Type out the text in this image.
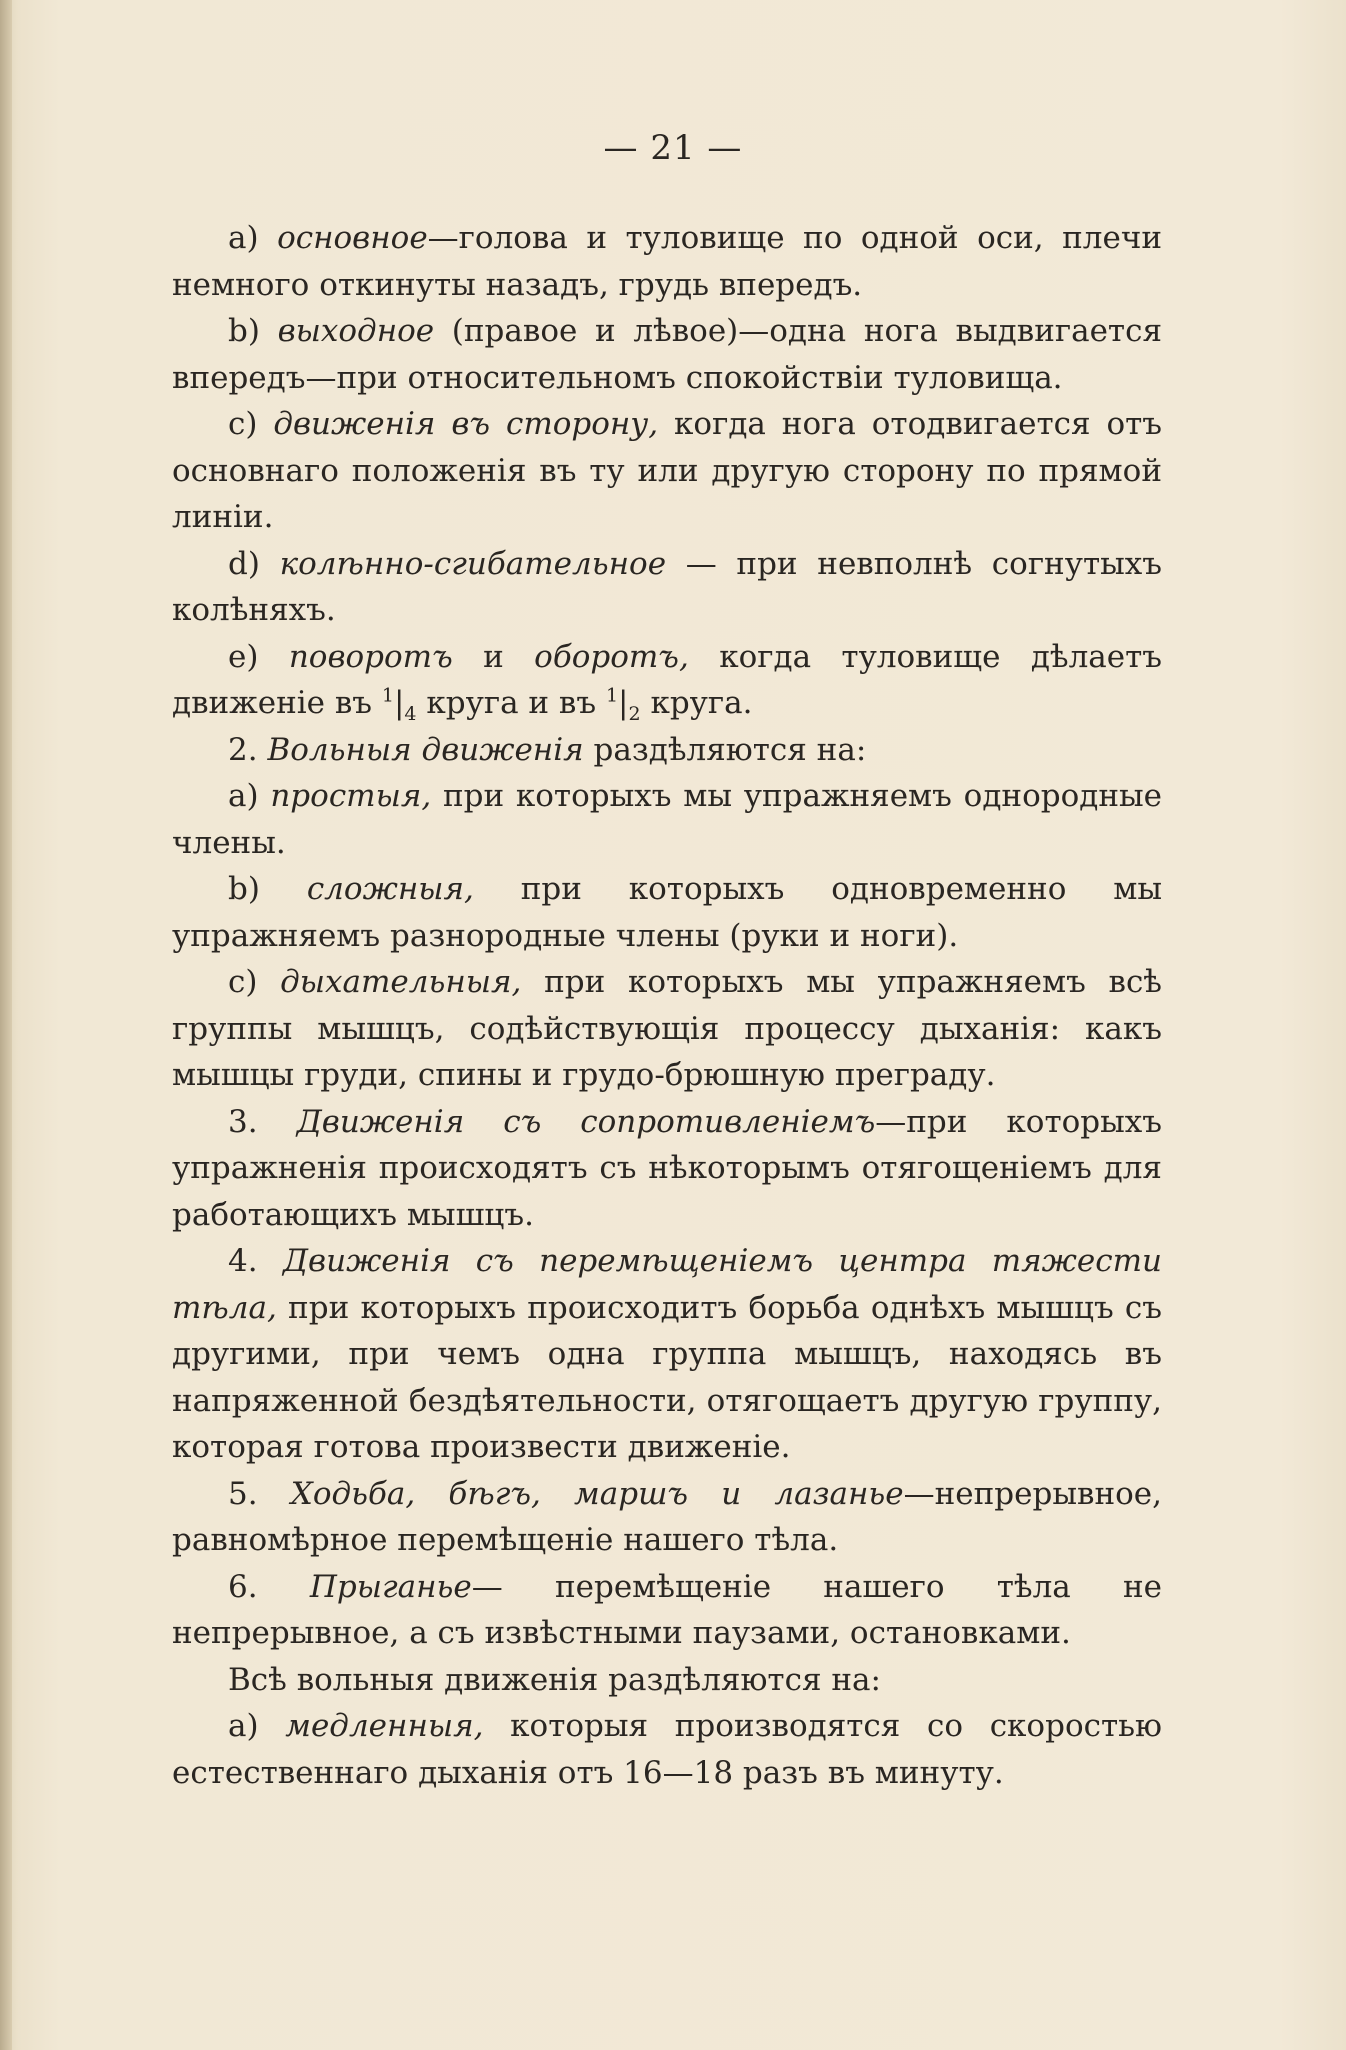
— 21 —

a) основное—голова и туловище по одной оси, плечи немного откинуты назадъ, грудь впередъ.

b) выходное (правое и лѣвое)—одна нога выдвигается впередъ—при относительномъ спокойствіи туловища.

c) движенія въ сторону, когда нога отодвигается отъ основнаго положенія въ ту или другую сторону по прямой линіи.

d) колѣнно-сгибательное — при невполнѣ согнутыхъ колѣняхъ.

e) поворотъ и оборотъ, когда туловище дѣлаетъ движеніе въ $^1|_4$ круга и въ $^1|_2$ круга.

2. Вольныя движенія раздѣляются на:

a) простыя, при которыхъ мы упражняемъ однородные члены.

b) сложныя, при которыхъ одновременно мы упражняемъ разнородные члены (руки и ноги).

c) дыхательныя, при которыхъ мы упражняемъ всѣ группы мышцъ, содѣйствующія процессу дыханія: какъ мышцы груди, спины и грудо-брюшную преграду.

3. Движенія съ сопротивленіемъ—при которыхъ упражненія происходятъ съ нѣкоторымъ отягощеніемъ для работающихъ мышцъ.

4. Движенія съ перемѣщеніемъ центра тяжести тѣла, при которыхъ происходитъ борьба однѣхъ мышцъ съ другими, при чемъ одна группа мышцъ, находясь въ напряженной бездѣятельности, отягощаетъ другую группу, которая готова произвести движеніе.

5. Ходьба, бѣгъ, маршъ и лазанье—непрерывное, равномѣрное перемѣщеніе нашего тѣла.

6. Прыганье— перемѣщеніе нашего тѣла не непрерывное, а съ извѣстными паузами, остановками.

Всѣ вольныя движенія раздѣляются на:

a) медленныя, которыя производятся со скоростью естественнаго дыханія отъ 16—18 разъ въ минуту.
